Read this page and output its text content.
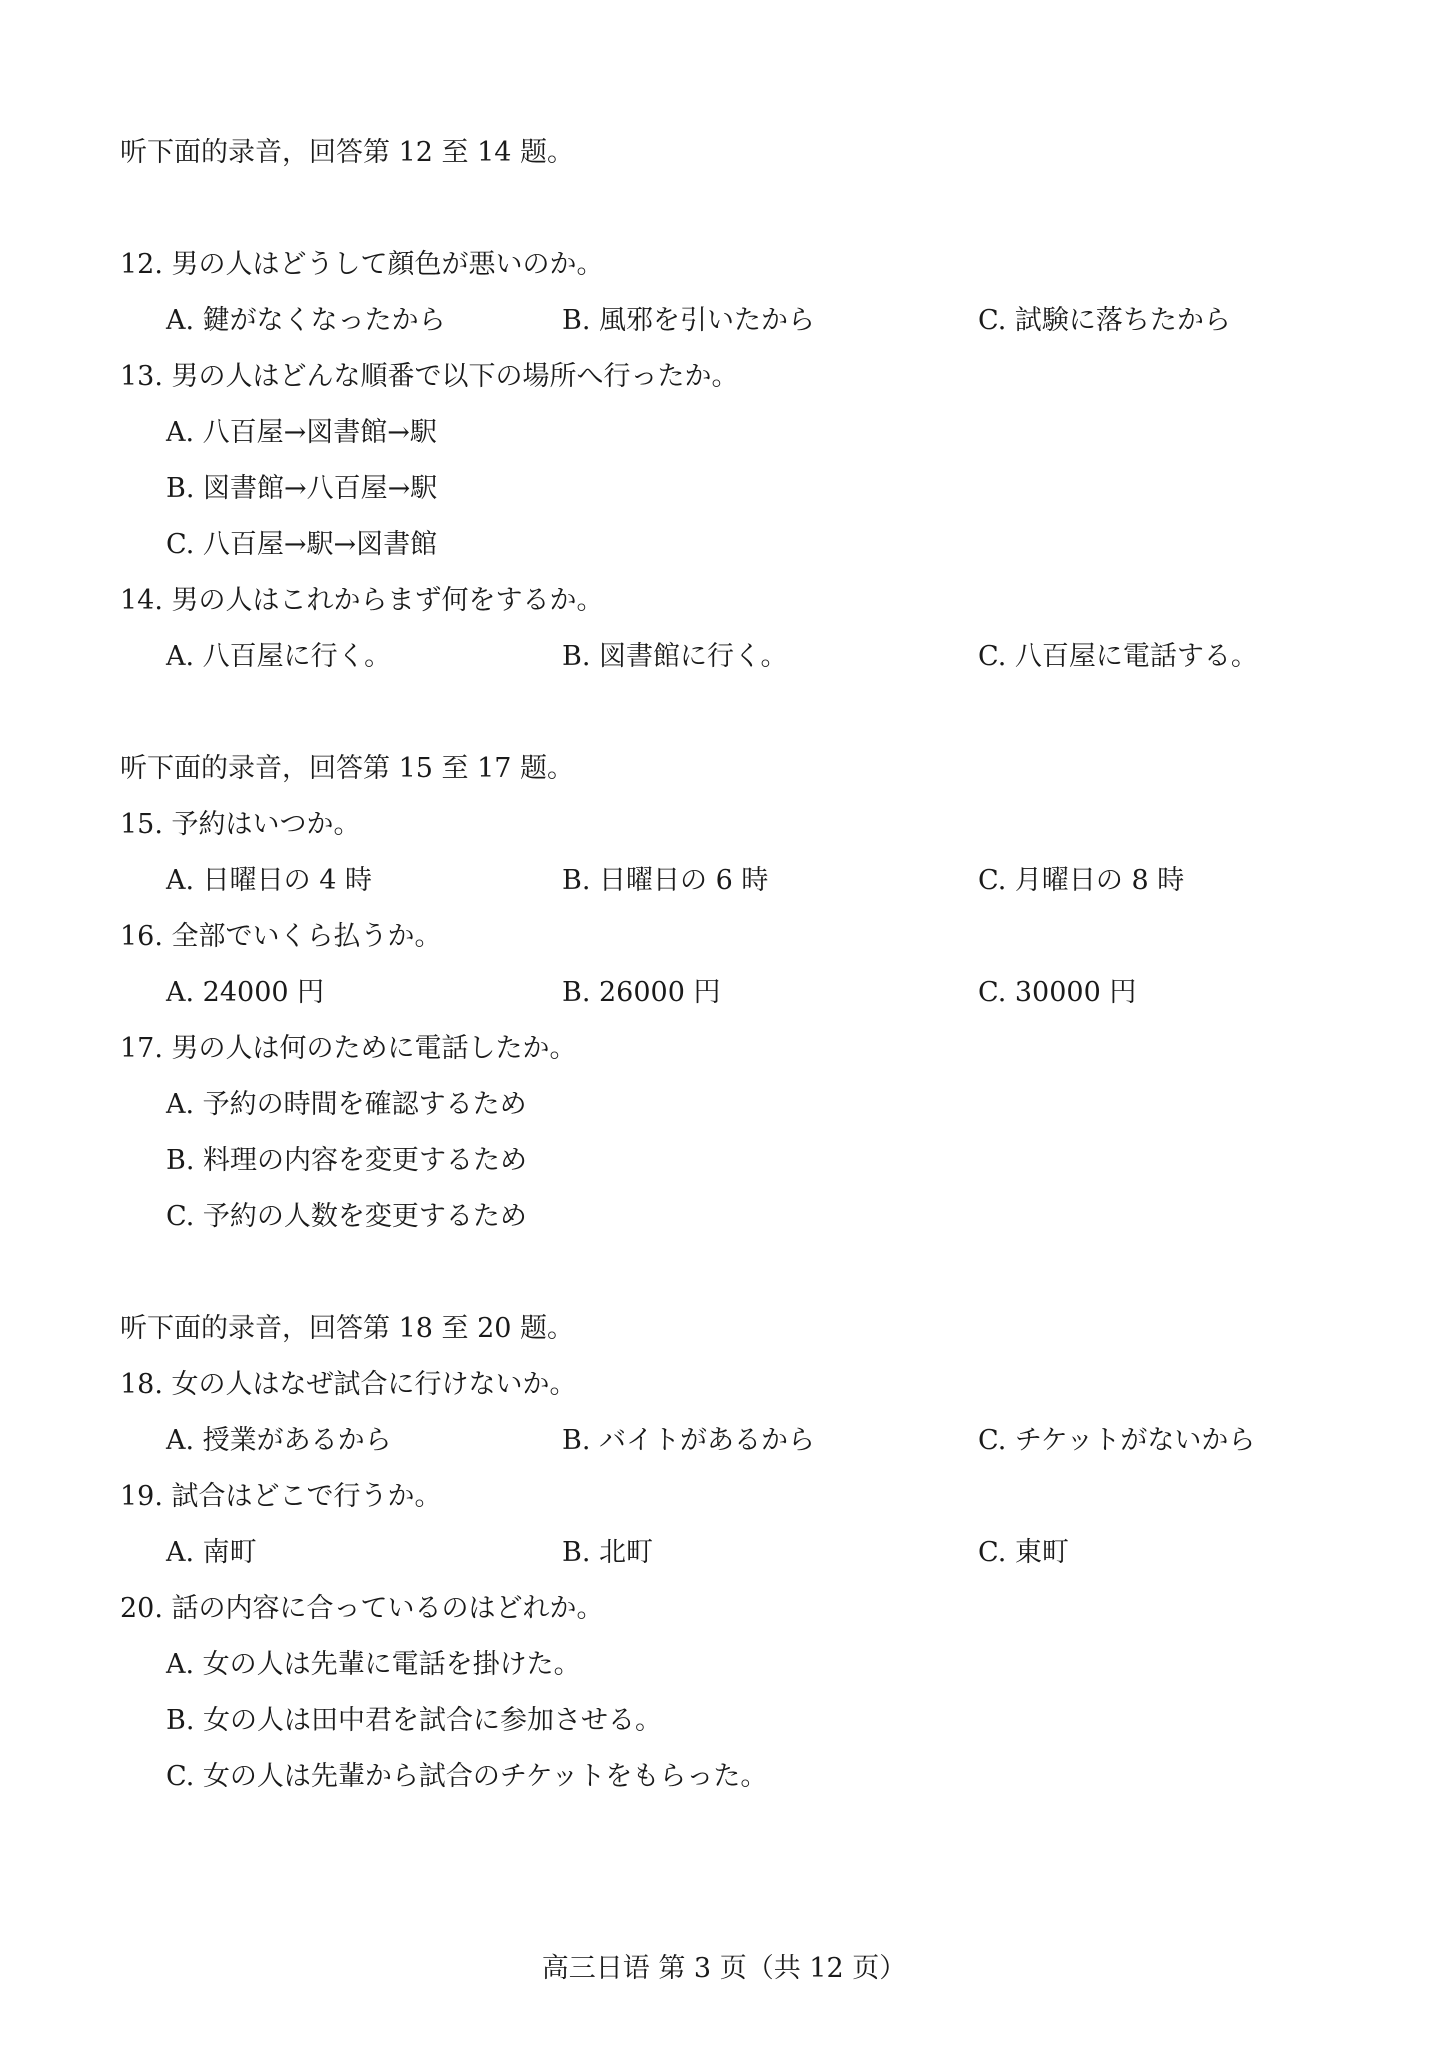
听下面的录音，回答第 12 至 14 题。
12. 男の人はどうして顔色が悪いのか。
A. 鍵がなくなったから	B. 風邪を引いたから	C. 試験に落ちたから
13. 男の人はどんな順番で以下の場所へ行ったか。
A. 八百屋→図書館→駅
B. 図書館→八百屋→駅
C. 八百屋→駅→図書館
14. 男の人はこれからまず何をするか。
A. 八百屋に行く。	B. 図書館に行く。	C. 八百屋に電話する。
听下面的录音，回答第 15 至 17 题。
15. 予約はいつか。
A. 日曜日の 4 時	B. 日曜日の 6 時	C. 月曜日の 8 時
16. 全部でいくら払うか。
A. 24000 円	B. 26000 円	C. 30000 円
17. 男の人は何のために電話したか。
A. 予約の時間を確認するため
B. 料理の内容を変更するため
C. 予約の人数を変更するため
听下面的录音，回答第 18 至 20 题。
18. 女の人はなぜ試合に行けないか。
A. 授業があるから	B. バイトがあるから	C. チケットがないから
19. 試合はどこで行うか。
A. 南町	B. 北町	C. 東町
20. 話の内容に合っているのはどれか。
A. 女の人は先輩に電話を掛けた。
B. 女の人は田中君を試合に参加させる。
C. 女の人は先輩から試合のチケットをもらった。
高三日语 第 3 页（共 12 页）
